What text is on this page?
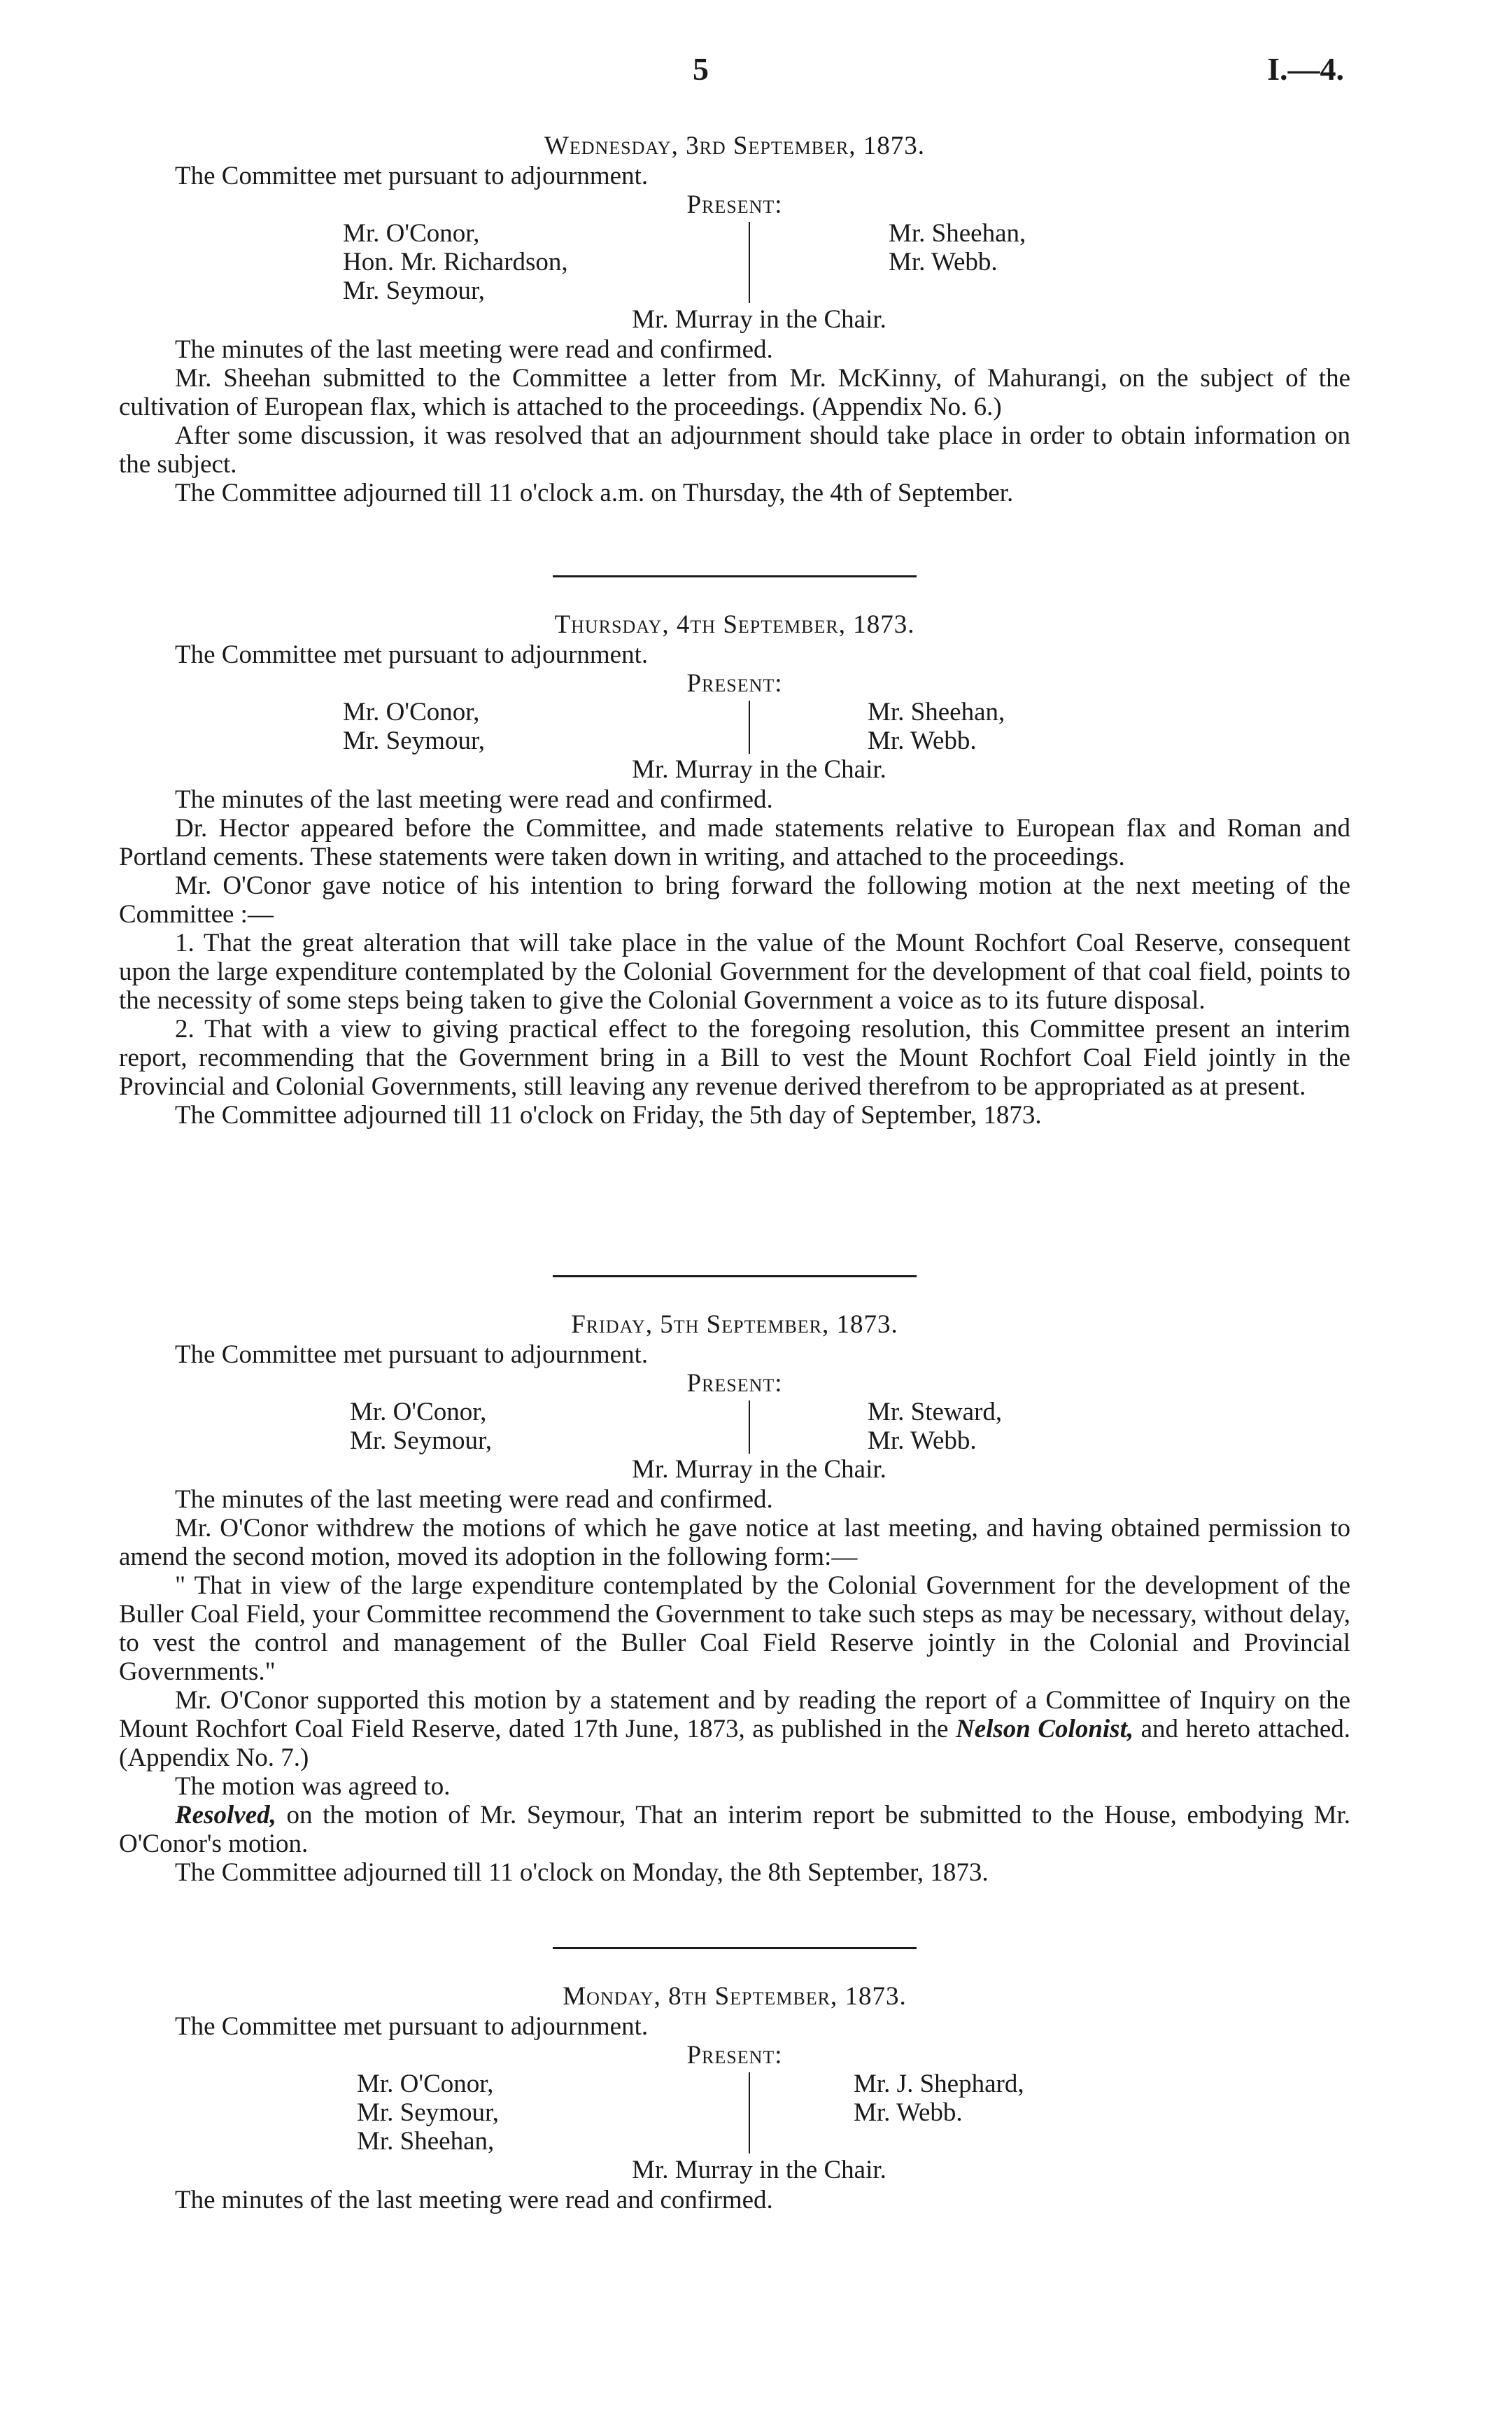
5	I.—4.
Wednesday, 3rd September, 1873.
The Committee met pursuant to adjournment.
Present:
Mr. O'Conor,
Hon. Mr. Richardson,
Mr. Seymour,
Mr. Sheehan,
Mr. Webb.
Mr. Murray in the Chair.
The minutes of the last meeting were read and confirmed.
Mr. Sheehan submitted to the Committee a letter from Mr. McKinny, of Mahurangi, on the subject of the cultivation of European flax, which is attached to the proceedings. (Appendix No. 6.)
After some discussion, it was resolved that an adjournment should take place in order to obtain information on the subject.
The Committee adjourned till 11 o'clock a.m. on Thursday, the 4th of September.
Thursday, 4th September, 1873.
The Committee met pursuant to adjournment.
Present:
Mr. O'Conor,
Mr. Seymour,
Mr. Sheehan,
Mr. Webb.
Mr. Murray in the Chair.
The minutes of the last meeting were read and confirmed.
Dr. Hector appeared before the Committee, and made statements relative to European flax and Roman and Portland cements. These statements were taken down in writing, and attached to the proceedings.
Mr. O'Conor gave notice of his intention to bring forward the following motion at the next meeting of the Committee :—
1. That the great alteration that will take place in the value of the Mount Rochfort Coal Reserve, consequent upon the large expenditure contemplated by the Colonial Government for the development of that coal field, points to the necessity of some steps being taken to give the Colonial Government a voice as to its future disposal.
2. That with a view to giving practical effect to the foregoing resolution, this Committee present an interim report, recommending that the Government bring in a Bill to vest the Mount Rochfort Coal Field jointly in the Provincial and Colonial Governments, still leaving any revenue derived therefrom to be appropriated as at present.
The Committee adjourned till 11 o'clock on Friday, the 5th day of September, 1873.
Friday, 5th September, 1873.
The Committee met pursuant to adjournment.
Present:
Mr. O'Conor,
Mr. Seymour,
Mr. Steward,
Mr. Webb.
Mr. Murray in the Chair.
The minutes of the last meeting were read and confirmed.
Mr. O'Conor withdrew the motions of which he gave notice at last meeting, and having obtained permission to amend the second motion, moved its adoption in the following form:—
" That in view of the large expenditure contemplated by the Colonial Government for the development of the Buller Coal Field, your Committee recommend the Government to take such steps as may be necessary, without delay, to vest the control and management of the Buller Coal Field Reserve jointly in the Colonial and Provincial Governments."
Mr. O'Conor supported this motion by a statement and by reading the report of a Committee of Inquiry on the Mount Rochfort Coal Field Reserve, dated 17th June, 1873, as published in the Nelson Colonist, and hereto attached. (Appendix No. 7.)
The motion was agreed to.
Resolved, on the motion of Mr. Seymour, That an interim report be submitted to the House, embodying Mr. O'Conor's motion.
The Committee adjourned till 11 o'clock on Monday, the 8th September, 1873.
Monday, 8th September, 1873.
The Committee met pursuant to adjournment.
Present:
Mr. O'Conor,
Mr. Seymour,
Mr. Sheehan,
Mr. J. Shephard,
Mr. Webb.
Mr. Murray in the Chair.
The minutes of the last meeting were read and confirmed.
